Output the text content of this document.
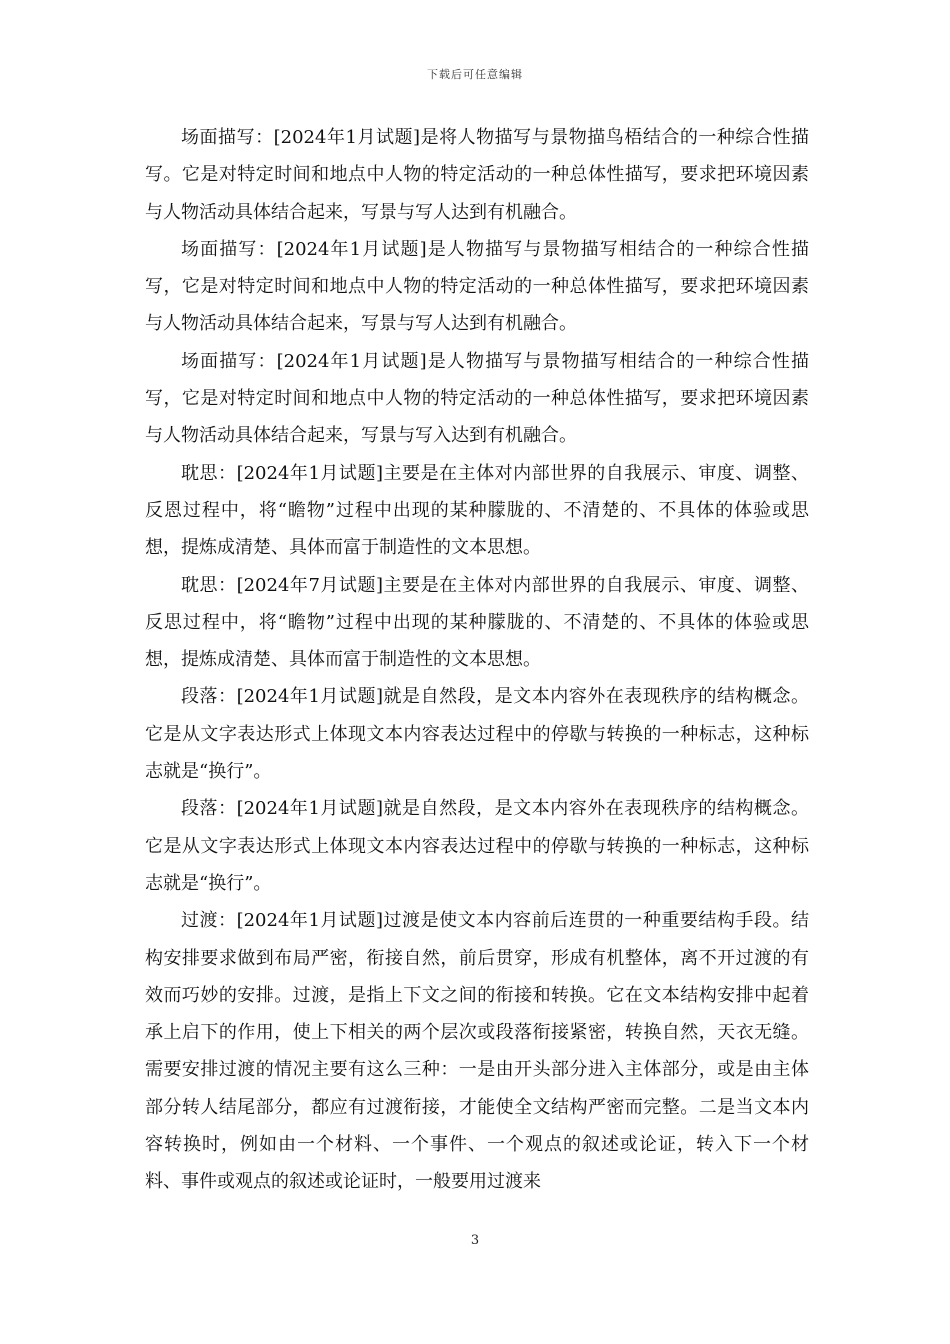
下载后可任意编辑

场面描写：[2024年1月试题]是将人物描写与景物描鸟梧结合的一种综合性描写。它是对特定时间和地点中人物的特定活动的一种总体性描写，要求把环境因素与人物活动具体结合起来，写景与写人达到有机融合。

场面描写：[2024年1月试题]是人物描写与景物描写相结合的一种综合性描写，它是对特定时间和地点中人物的特定活动的一种总体性描写，要求把环境因素与人物活动具体结合起来，写景与写人达到有机融合。

场面描写：[2024年1月试题]是人物描写与景物描写相结合的一种综合性描写，它是对特定时间和地点中人物的特定活动的一种总体性描写，要求把环境因素与人物活动具体结合起来，写景与写入达到有机融合。

耽思：[2024年1月试题]主要是在主体对内部世界的自我展示、审度、调整、反恩过程中，将“瞻物”过程中出现的某种朦胧的、不清楚的、不具体的体验或思想，提炼成清楚、具体而富于制造性的文本思想。

耽思：[2024年7月试题]主要是在主体对内部世界的自我展示、审度、调整、反思过程中，将“瞻物”过程中出现的某种朦胧的、不清楚的、不具体的体验或思想，提炼成清楚、具体而富于制造性的文本思想。

段落：[2024年1月试题]就是自然段，是文本内容外在表现秩序的结构概念。它是从文字表达形式上体现文本内容表达过程中的停歇与转换的一种标志，这种标志就是“换行”。

段落：[2024年1月试题]就是自然段，是文本内容外在表现秩序的结构概念。它是从文字表达形式上体现文本内容表达过程中的停歇与转换的一种标志，这种标志就是“换行”。

过渡：[2024年1月试题]过渡是使文本内容前后连贯的一种重要结构手段。结构安排要求做到布局严密，衔接自然，前后贯穿，形成有机整体，离不开过渡的有效而巧妙的安排。过渡，是指上下文之间的衔接和转换。它在文本结构安排中起着承上启下的作用，使上下相关的两个层次或段落衔接紧密，转换自然，天衣无缝。需要安排过渡的情况主要有这么三种：一是由开头部分进入主体部分，或是由主体部分转人结尾部分，都应有过渡衔接，才能使全文结构严密而完整。二是当文本内容转换时，例如由一个材料、一个事件、一个观点的叙述或论证，转入下一个材料、事件或观点的叙述或论证时，一般要用过渡来

3
